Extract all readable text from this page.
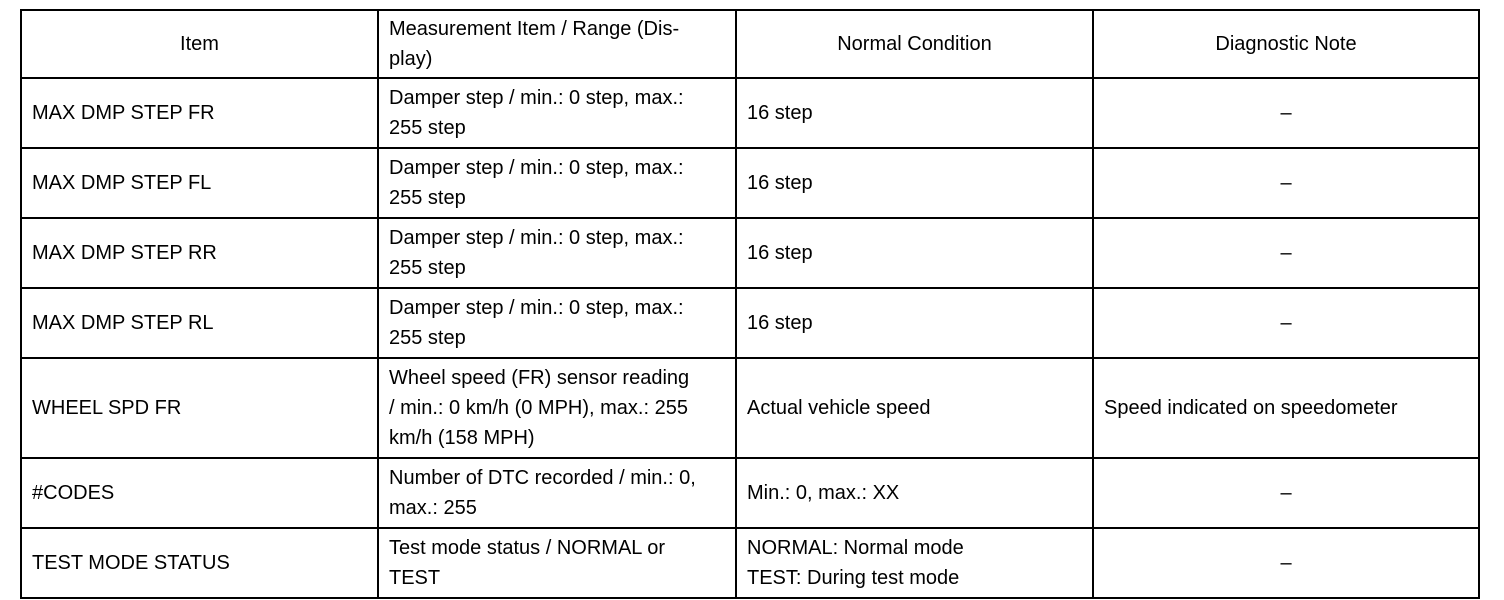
Item	Measurement Item / Range (Dis-
play)	Normal Condition	Diagnostic Note

MAX DMP STEP FR	Damper step / min.: 0 step, max.:
255 step	16 step	–

MAX DMP STEP FL	Damper step / min.: 0 step, max.:
255 step	16 step	–

MAX DMP STEP RR	Damper step / min.: 0 step, max.:
255 step	16 step	–

MAX DMP STEP RL	Damper step / min.: 0 step, max.:
255 step	16 step	–

WHEEL SPD FR	Wheel speed (FR) sensor reading
/ min.: 0 km/h (0 MPH), max.: 255
km/h (158 MPH)	Actual vehicle speed	Speed indicated on speedometer

#CODES	Number of DTC recorded / min.: 0,
max.: 255	Min.: 0, max.: XX	–

TEST MODE STATUS	Test mode status / NORMAL or
TEST	NORMAL: Normal mode
TEST: During test mode	–
